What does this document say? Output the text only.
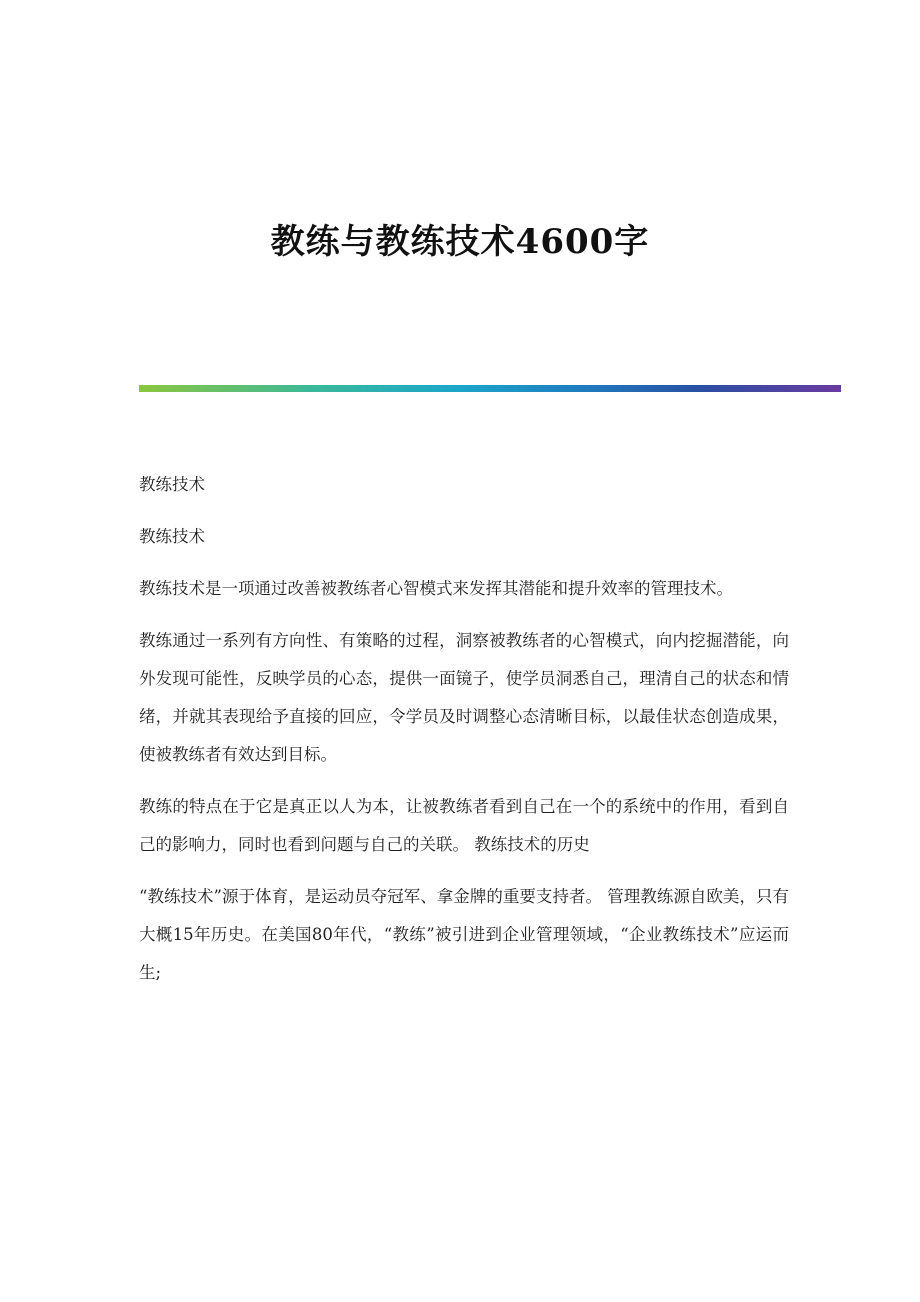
教练与教练技术4600字

教练技术

教练技术

教练技术是一项通过改善被教练者心智模式来发挥其潜能和提升效率的管理技术。

教练通过一系列有方向性、有策略的过程，洞察被教练者的心智模式，向内挖掘潜能，向外发现可能性，反映学员的心态，提供一面镜子，使学员洞悉自己，理清自己的状态和情绪，并就其表现给予直接的回应，令学员及时调整心态清晰目标，以最佳状态创造成果，使被教练者有效达到目标。

教练的特点在于它是真正以人为本，让被教练者看到自己在一个的系统中的作用，看到自己的影响力，同时也看到问题与自己的关联。 教练技术的历史

“教练技术”源于体育，是运动员夺冠军、拿金牌的重要支持者。 管理教练源自欧美，只有大概15年历史。在美国80年代，“教练”被引进到企业管理领域，“企业教练技术”应运而生;
